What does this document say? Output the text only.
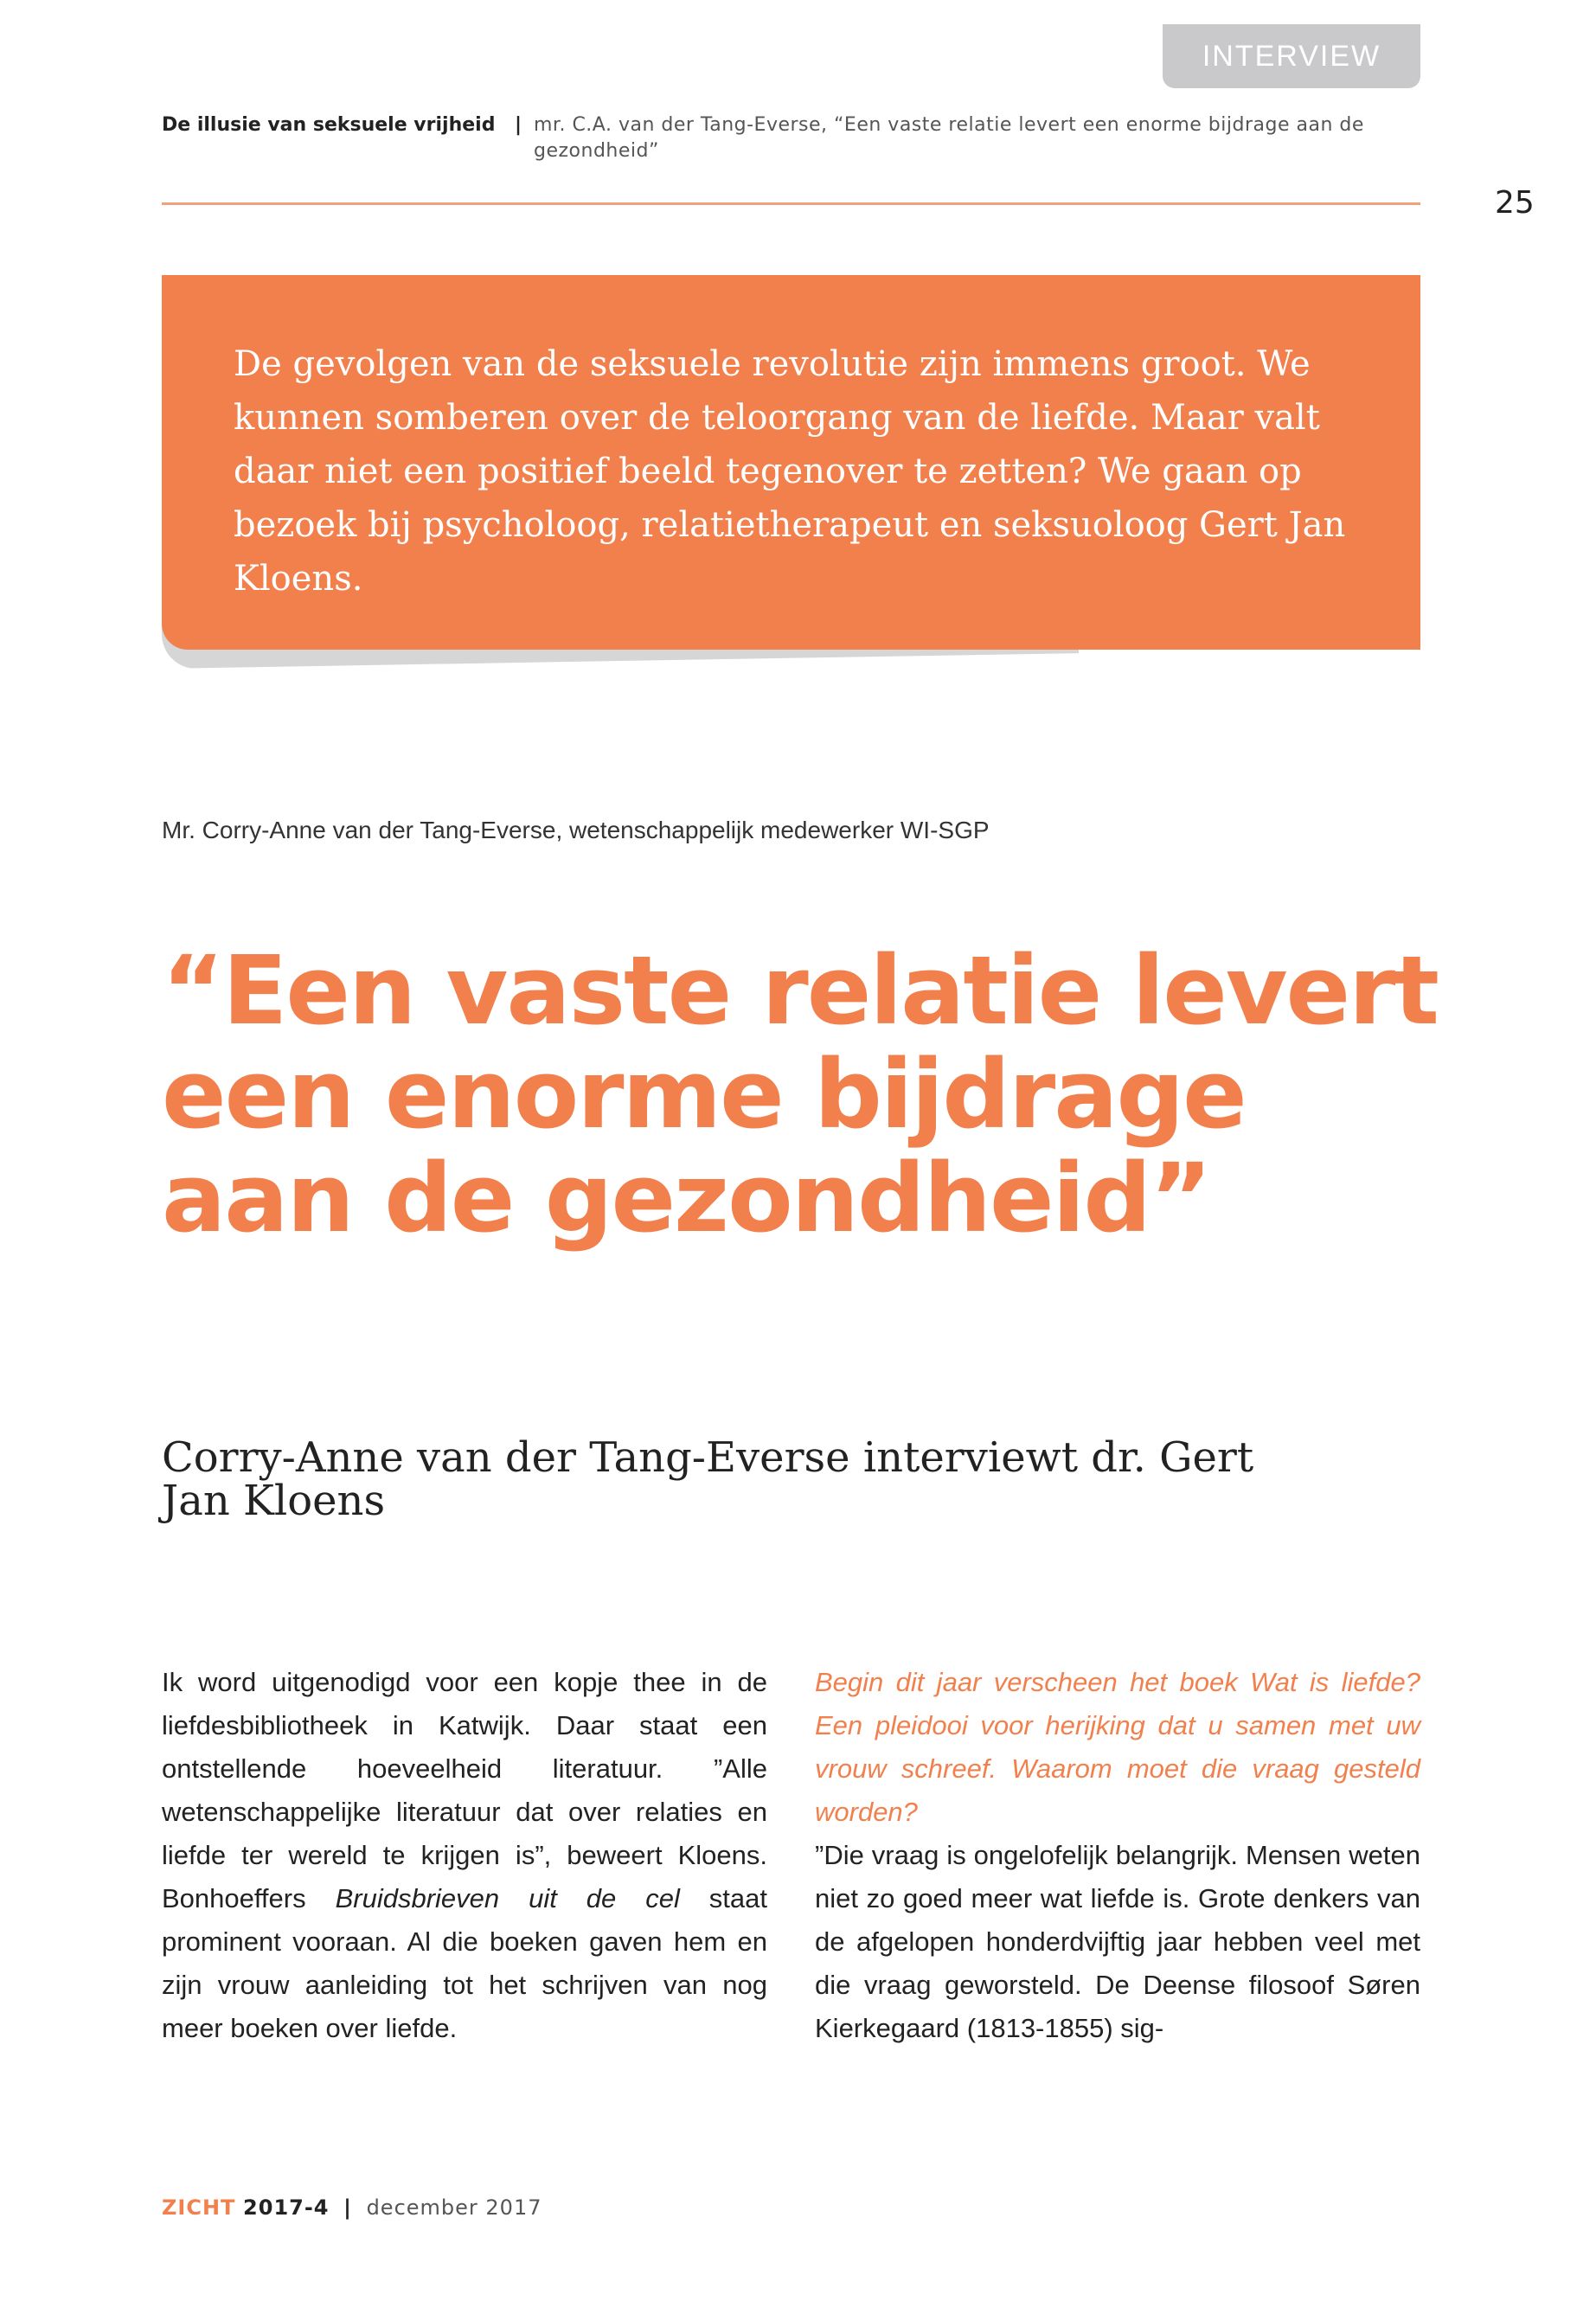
INTERVIEW
De illusie van seksuele vrijheid | mr. C.A. van der Tang-Everse, “Een vaste relatie levert een enorme bijdrage aan de gezondheid”
25

De gevolgen van de seksuele revolutie zijn immens groot. We kunnen somberen over de teloorgang van de liefde. Maar valt daar niet een positief beeld tegenover te zetten? We gaan op bezoek bij psycholoog, relatietherapeut en seksuoloog Gert Jan Kloens.

Mr. Corry-Anne van der Tang-Everse, wetenschappelijk medewerker WI-SGP
“Een vaste relatie levert een enorme bijdrage aan de gezondheid”
Corry-Anne van der Tang-Everse interviewt dr. Gert Jan Kloens

Ik word uitgenodigd voor een kopje thee in de liefdesbibliotheek in Katwijk. Daar staat een ontstellende hoeveelheid literatuur. ”Alle wetenschappelijke literatuur dat over relaties en liefde ter wereld te krijgen is”, beweert Kloens. Bonhoeffers Bruidsbrieven uit de cel staat prominent vooraan. Al die boeken gaven hem en zijn vrouw aanleiding tot het schrijven van nog meer boeken over liefde.

Begin dit jaar verscheen het boek Wat is liefde? Een pleidooi voor herijking dat u samen met uw vrouw schreef. Waarom moet die vraag gesteld worden?

”Die vraag is ongelofelijk belangrijk. Mensen weten niet zo goed meer wat liefde is. Grote denkers van de afgelopen honderdvijftig jaar hebben veel met die vraag geworsteld. De Deense filosoof Søren Kierkegaard (1813-1855) sig-

ZICHT 2017-4 | december 2017
